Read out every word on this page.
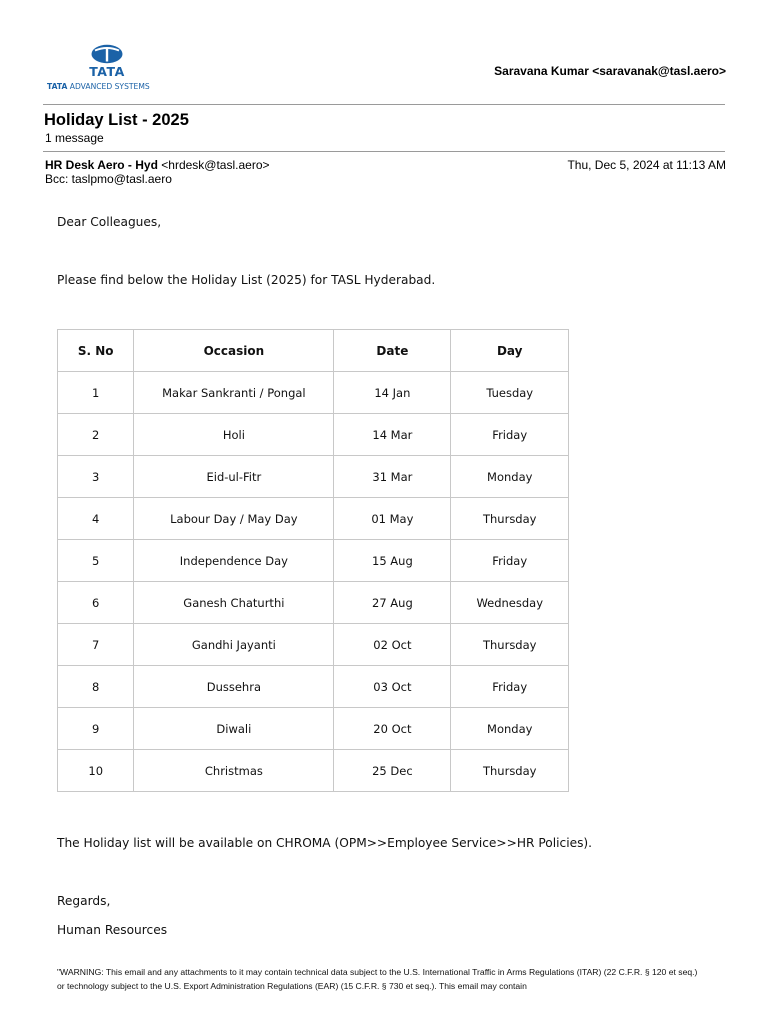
TATA
TATA ADVANCED SYSTEMS
Saravana Kumar <saravanak@tasl.aero>
Holiday List - 2025
1 message
HR Desk Aero - Hyd <hrdesk@tasl.aero>
Bcc: taslpmo@tasl.aero
Thu, Dec 5, 2024 at 11:13 AM
Dear Colleagues,
Please find below the Holiday List (2025) for TASL Hyderabad.
S. No	Occasion	Date	Day
1	Makar Sankranti / Pongal	14 Jan	Tuesday
2	Holi	14 Mar	Friday
3	Eid-ul-Fitr	31 Mar	Monday
4	Labour Day / May Day	01 May	Thursday
5	Independence Day	15 Aug	Friday
6	Ganesh Chaturthi	27 Aug	Wednesday
7	Gandhi Jayanti	02 Oct	Thursday
8	Dussehra	03 Oct	Friday
9	Diwali	20 Oct	Monday
10	Christmas	25 Dec	Thursday
The Holiday list will be available on CHROMA (OPM>>Employee Service>>HR Policies).
Regards,
Human Resources
"WARNING: This email and any attachments to it may contain technical data subject to the U.S. International Traffic in Arms Regulations (ITAR) (22 C.F.R. § 120 et seq.) or technology subject to the U.S. Export Administration Regulations (EAR) (15 C.F.R. § 730 et seq.). This email may contain
